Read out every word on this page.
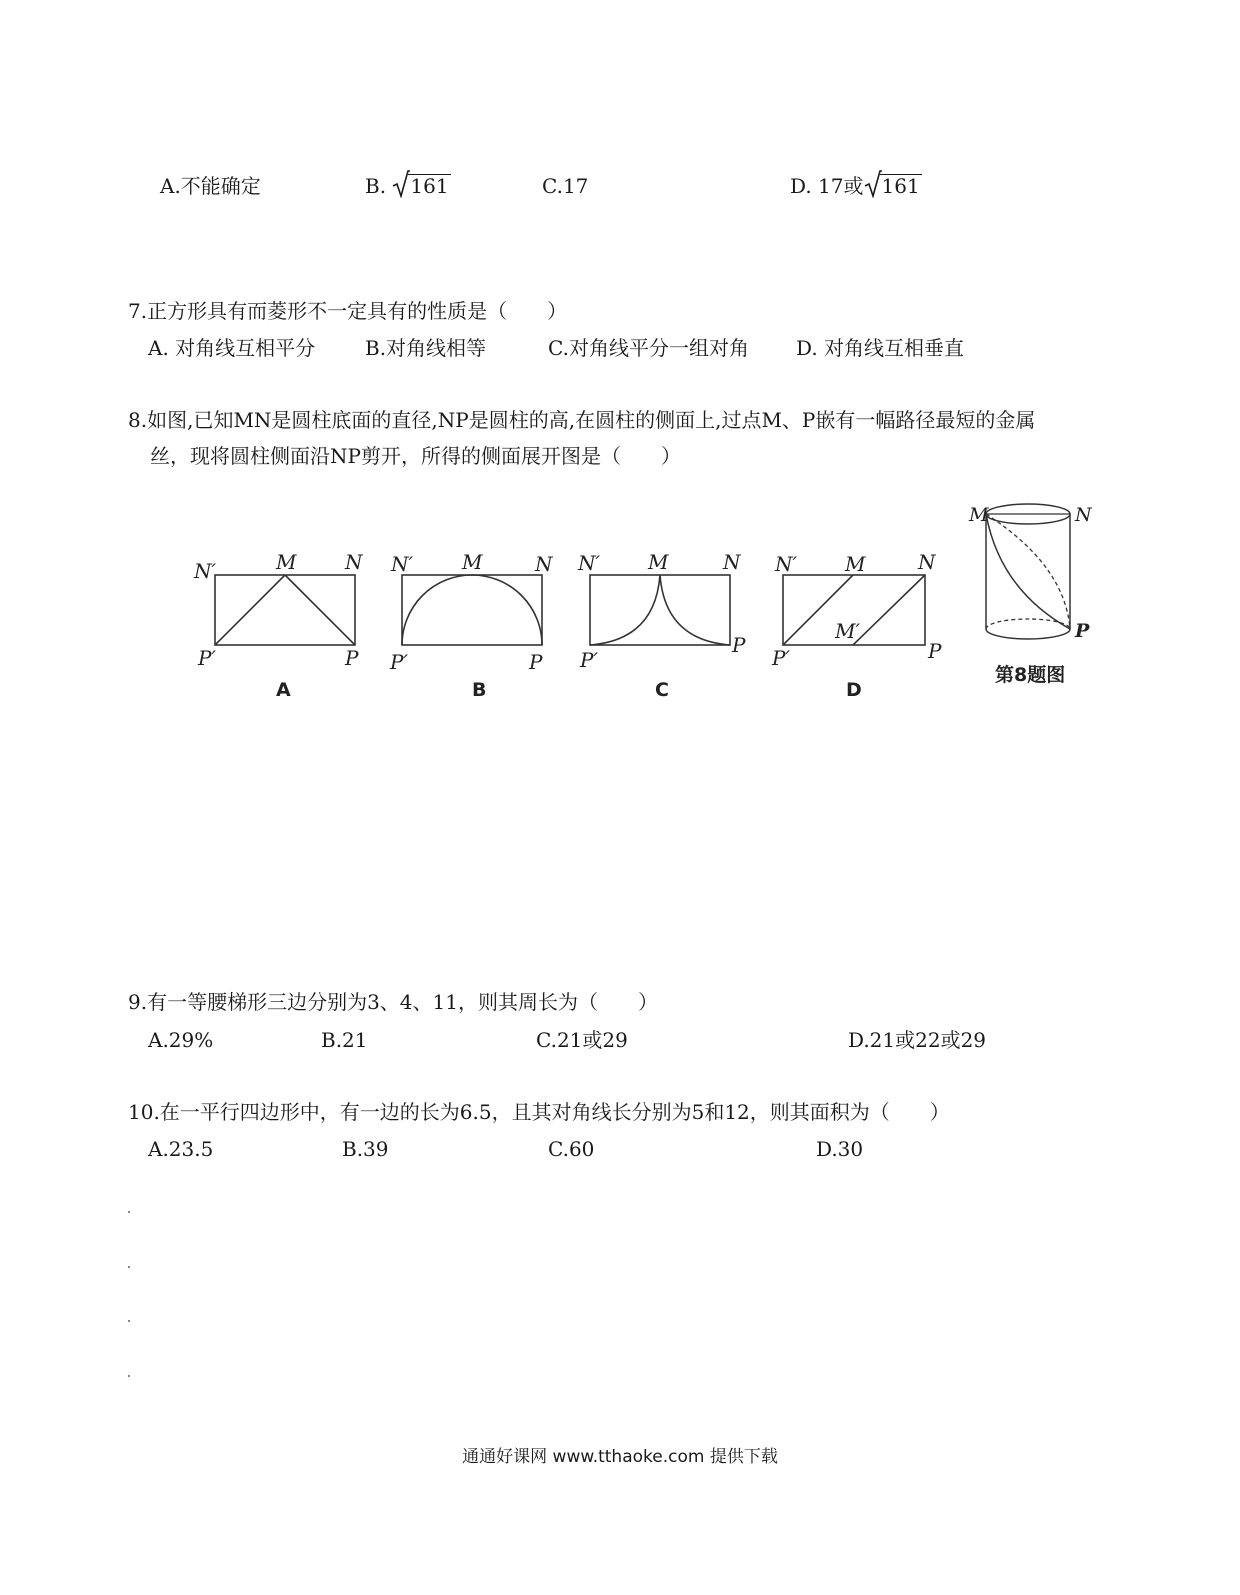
A.不能确定	B. 161	C.17	D. 17或 161
7.正方形具有而菱形不一定具有的性质是（　　）
A. 对角线互相平分 B.对角线相等	C.对角线平分一组对角 D. 对角线互相垂直
8.如图,已知MN是圆柱底面的直径,NP是圆柱的高,在圆柱的侧面上,过点M、P嵌有一幅路径最短的金属
丝，现将圆柱侧面沿NP剪开，所得的侧面展开图是（　　）
N′	M N
P′	P
A
N′ M	N
P′	P
B
N′ M	N
P′
P
C
N′ M	N
M′
P′	P
D
M	N
P
第8题图
9.有一等腰梯形三边分别为3、4、11，则其周长为（　　）
A.29%	B.21	C.21或29	D.21或22或29
10.在一平行四边形中，有一边的长为6.5，且其对角线长分别为5和12，则其面积为（　　）
A.23.5	B.39	C.60	D.30
通通好课网 www.tthaoke.com 提供下载
